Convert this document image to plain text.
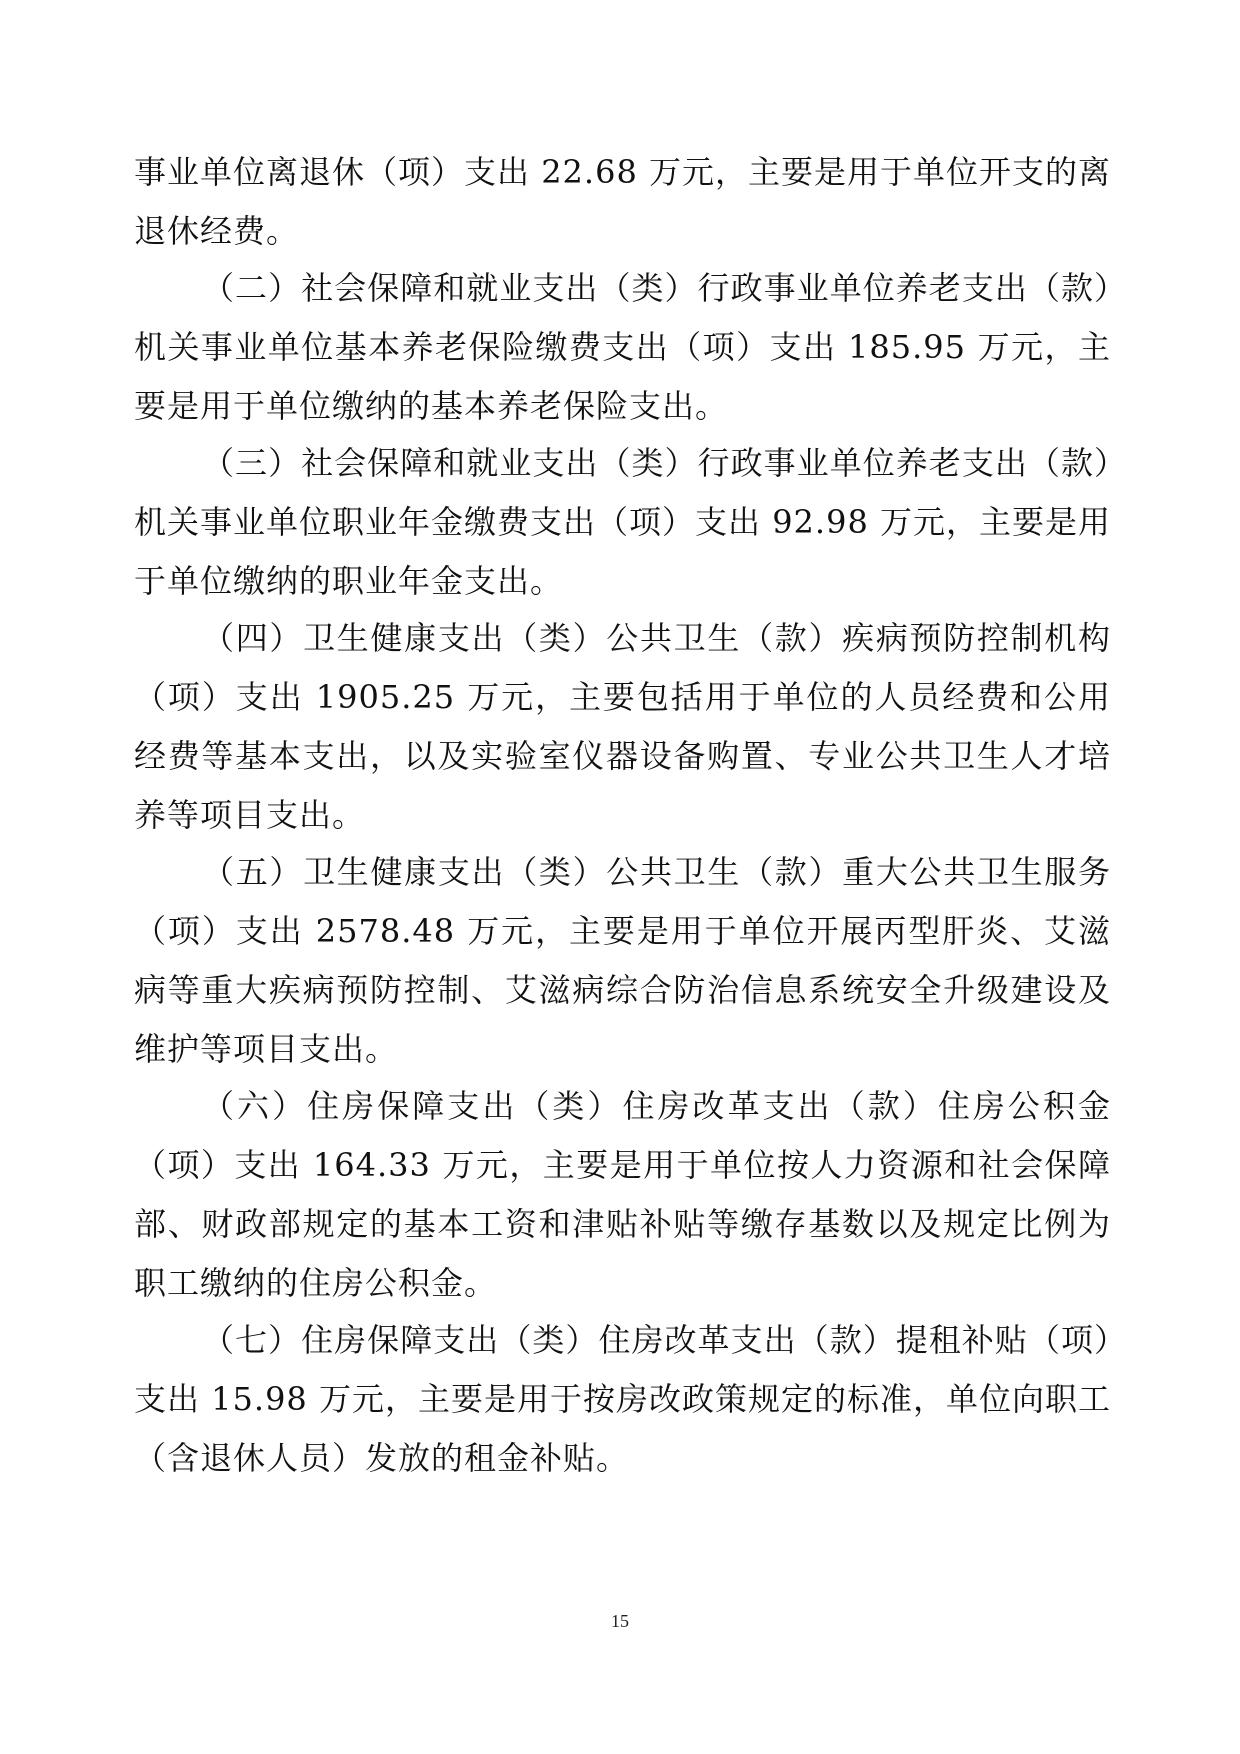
事业单位离退休（项）支出 22.68 万元，主要是用于单位开支的离退休经费。

（二）社会保障和就业支出（类）行政事业单位养老支出（款）机关事业单位基本养老保险缴费支出（项）支出 185.95 万元，主要是用于单位缴纳的基本养老保险支出。

（三）社会保障和就业支出（类）行政事业单位养老支出（款）机关事业单位职业年金缴费支出（项）支出 92.98 万元，主要是用于单位缴纳的职业年金支出。

（四）卫生健康支出（类）公共卫生（款）疾病预防控制机构（项）支出 1905.25 万元，主要包括用于单位的人员经费和公用经费等基本支出，以及实验室仪器设备购置、专业公共卫生人才培养等项目支出。

（五）卫生健康支出（类）公共卫生（款）重大公共卫生服务（项）支出 2578.48 万元，主要是用于单位开展丙型肝炎、艾滋病等重大疾病预防控制、艾滋病综合防治信息系统安全升级建设及维护等项目支出。

（六）住房保障支出（类）住房改革支出（款）住房公积金（项）支出 164.33 万元，主要是用于单位按人力资源和社会保障部、财政部规定的基本工资和津贴补贴等缴存基数以及规定比例为职工缴纳的住房公积金。

（七）住房保障支出（类）住房改革支出（款）提租补贴（项）支出 15.98 万元，主要是用于按房改政策规定的标准，单位向职工（含退休人员）发放的租金补贴。

15
